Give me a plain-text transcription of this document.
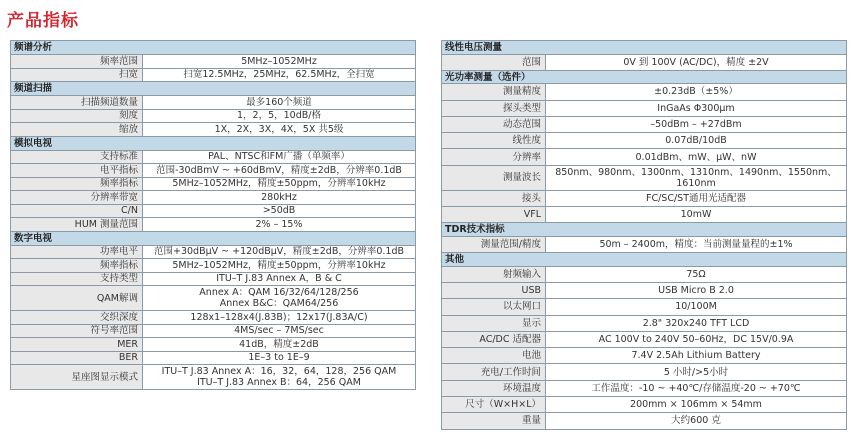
产品指标
频谱分析	
频率范围	5MHz–1052MHz
扫宽	扫宽12.5MHz，25MHz，62.5MHz，全扫宽
频道扫描	
扫描频道数量	最多160个频道
刻度	1，2，5，10dB/格
缩放	1X，2X，3X，4X，5X 共5级
模拟电视	
支持标准	PAL、NTSC和FM广播（单频率）
电平指标	范围-30dBmV ~ +60dBmV，精度±2dB，分辨率0.1dB
频率指标	5MHz–1052MHz，精度±50ppm，分辨率10kHz
分辨率带宽	280kHz
C/N	>50dB
HUM 测量范围	2% – 15%
数字电视	
功率电平	范围+30dBμV ~ +120dBμV，精度±2dB，分辨率0.1dB
频率指标	5MHz–1052MHz，精度±50ppm，分辨率10kHz
支持类型	ITU–T J.83 Annex A，B & C
QAM解调	Annex A：QAM 16/32/64/128/256
Annex B&C：QAM64/256

交织深度	128x1–128x4(J.83B)；12x17(J.83A/C)
符号率范围	4MS/sec – 7MS/sec
MER	41dB，精度±2dB
BER	1E–3 to 1E–9
星座图显示模式	ITU–T J.83 Annex A：16，32，64，128，256 QAM
ITU–T J.83 Annex B：64，256 QAM
线性电压测量	
范围	0V 到 100V (AC/DC)，精度 ±2V
光功率测量（选件）	
测量精度	±0.23dB（±5%）
探头类型	InGaAs Φ300μm
动态范围	–50dBm – +27dBm
线性度	0.07dB/10dB
分辨率	0.01dBm、mW、μW、nW
测量波长	850nm、980nm、1300nm、1310nm、1490nm、1550nm、
1610nm

接头	FC/SC/ST通用光适配器
VFL	10mW
TDR技术指标	
测量范围/精度	50m – 2400m，精度：当前测量量程的±1%
其他	
射频输入	75Ω
USB	USB Micro B 2.0
以太网口	10/100M
显示	2.8" 320x240 TFT LCD
AC/DC 适配器	AC 100V to 240V 50–60Hz，DC 15V/0.9A
电池	7.4V 2.5Ah Lithium Battery
充电/工作时间	5 小时/>5小时
环境温度	工作温度：-10 ~ +40℃/存储温度-20 ~ +70℃
尺寸（W×H×L）	200mm × 106mm × 54mm
重量	大约600 克
